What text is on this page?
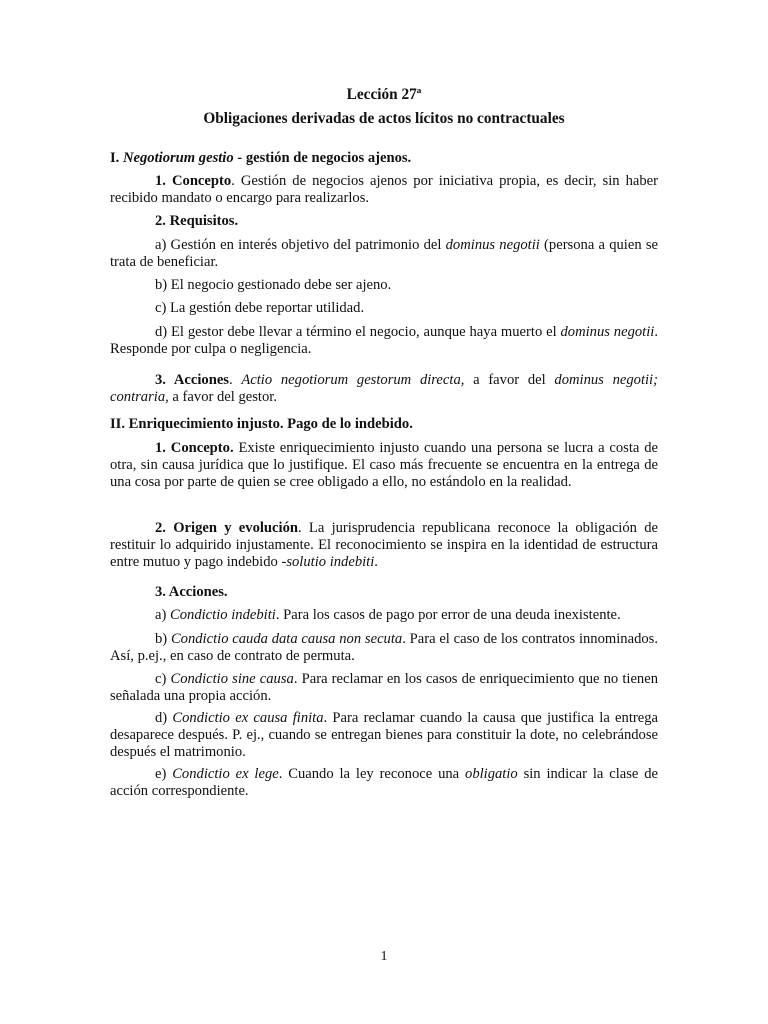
Lección 27ª
Obligaciones derivadas de actos lícitos no contractuales
I. Negotiorum gestio - gestión de negocios ajenos.
1. Concepto. Gestión de negocios ajenos por iniciativa propia, es decir, sin haber recibido mandato o encargo para realizarlos.
2. Requisitos.
a) Gestión en interés objetivo del patrimonio del dominus negotii (persona a quien se trata de beneficiar.
b) El negocio gestionado debe ser ajeno.
c) La gestión debe reportar utilidad.
d) El gestor debe llevar a término el negocio, aunque haya muerto el dominus negotii. Responde por culpa o negligencia.
3. Acciones. Actio negotiorum gestorum directa, a favor del dominus negotii; contraria, a favor del gestor.
II. Enriquecimiento injusto. Pago de lo indebido.
1. Concepto. Existe enriquecimiento injusto cuando una persona se lucra a costa de otra, sin causa jurídica que lo justifique. El caso más frecuente se encuentra en la entrega de una cosa por parte de quien se cree obligado a ello, no estándolo en la realidad.
2. Origen y evolución. La jurisprudencia republicana reconoce la obligación de restituir lo adquirido injustamente. El reconocimiento se inspira en la identidad de estructura entre mutuo y pago indebido -solutio indebiti.
3. Acciones.
a) Condictio indebiti. Para los casos de pago por error de una deuda inexistente.
b) Condictio cauda data causa non secuta. Para el caso de los contratos innominados. Así, p.ej., en caso de contrato de permuta.
c) Condictio sine causa. Para reclamar en los casos de enriquecimiento que no tienen señalada una propia acción.
d) Condictio ex causa finita. Para reclamar cuando la causa que justifica la entrega desaparece después. P. ej., cuando se entregan bienes para constituir la dote, no celebrándose después el matrimonio.
e) Condictio ex lege. Cuando la ley reconoce una obligatio sin indicar la clase de acción correspondiente.
1
